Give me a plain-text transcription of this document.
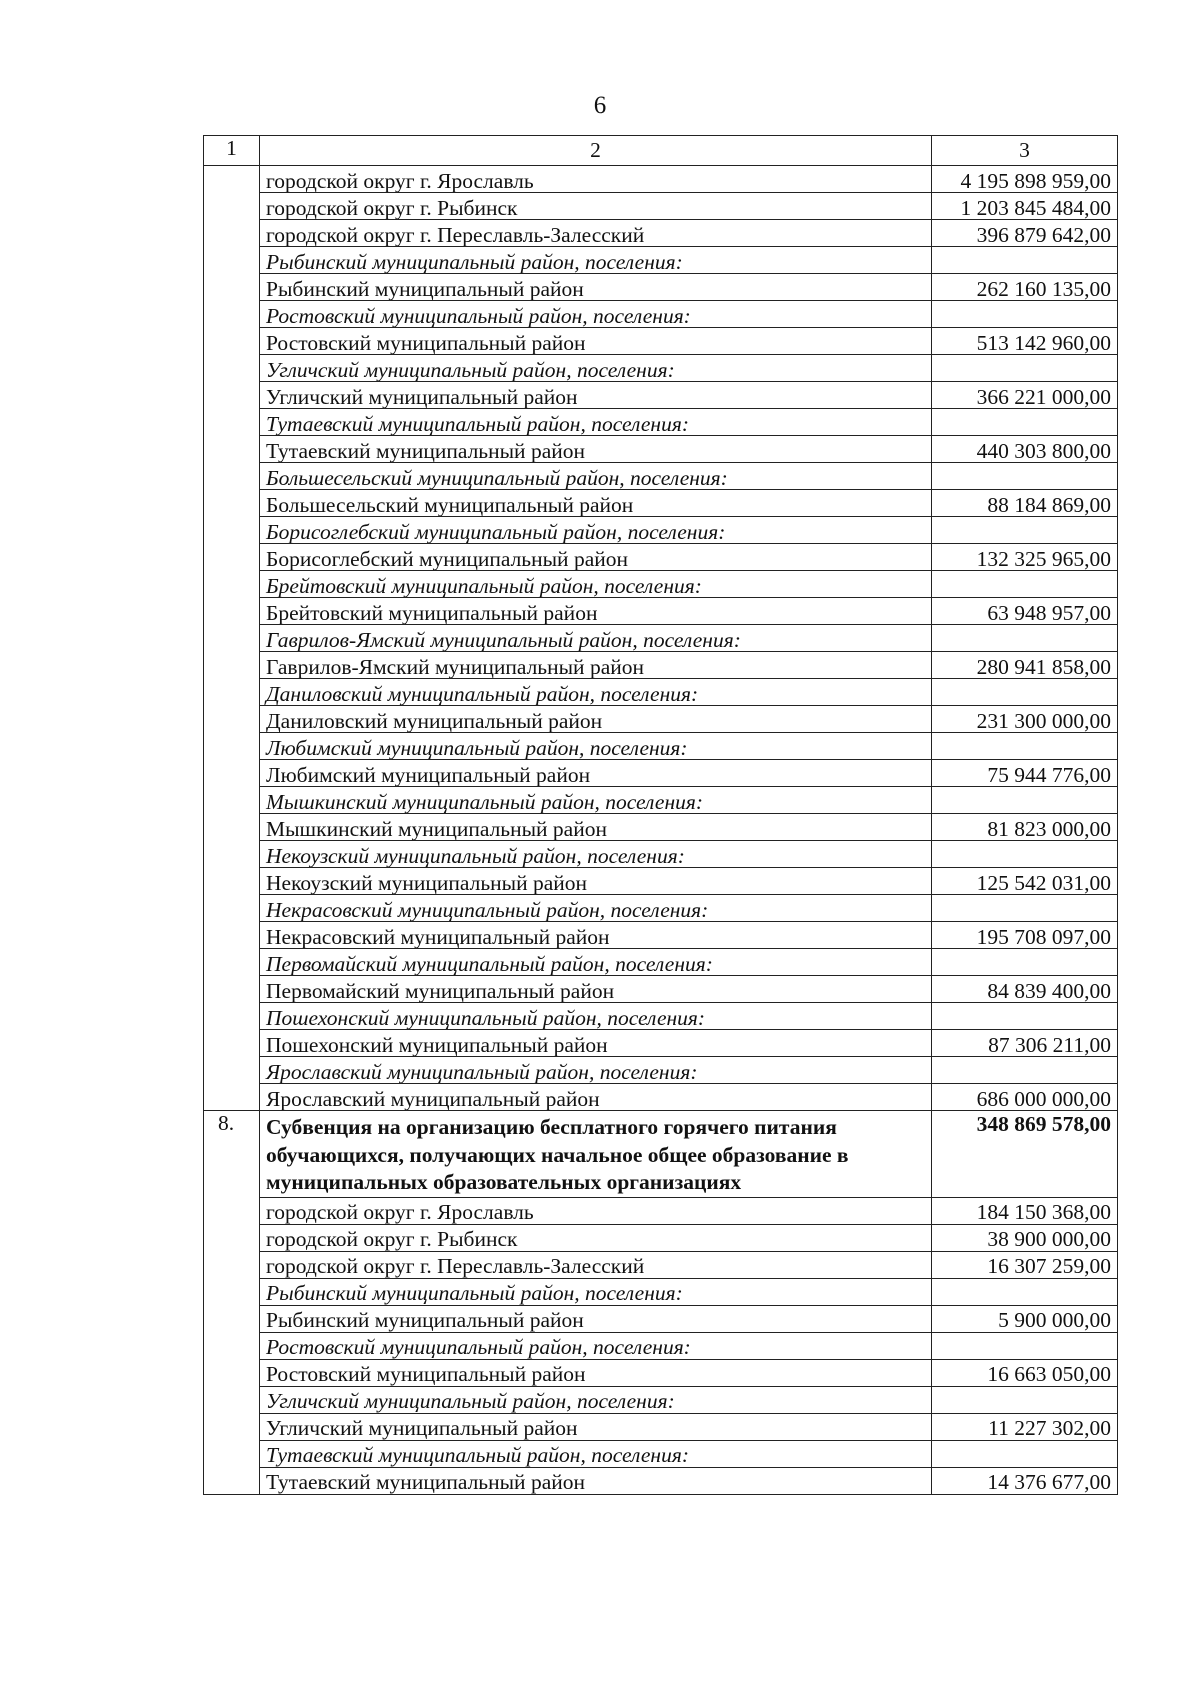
6
1	2	3
	городской округ г. Ярославль	4 195 898 959,00
	городской округ г. Рыбинск	1 203 845 484,00
	городской округ г. Переславль-Залесский	396 879 642,00
	Рыбинский муниципальный район, поселения:	
	Рыбинский муниципальный район	262 160 135,00
	Ростовский муниципальный район, поселения:	
	Ростовский муниципальный район	513 142 960,00
	Угличский муниципальный район, поселения:	
	Угличский муниципальный район	366 221 000,00
	Тутаевский муниципальный район, поселения:	
	Тутаевский муниципальный район	440 303 800,00
	Большесельский муниципальный район, поселения:	
	Большесельский муниципальный район	88 184 869,00
	Борисоглебский муниципальный район, поселения:	
	Борисоглебский муниципальный район	132 325 965,00
	Брейтовский муниципальный район, поселения:	
	Брейтовский муниципальный район	63 948 957,00
	Гаврилов-Ямский муниципальный район, поселения:	
	Гаврилов-Ямский муниципальный район	280 941 858,00
	Даниловский муниципальный район, поселения:	
	Даниловский муниципальный район	231 300 000,00
	Любимский муниципальный район, поселения:	
	Любимский муниципальный район	75 944 776,00
	Мышкинский муниципальный район, поселения:	
	Мышкинский муниципальный район	81 823 000,00
	Некоузский муниципальный район, поселения:	
	Некоузский муниципальный район	125 542 031,00
	Некрасовский муниципальный район, поселения:	
	Некрасовский муниципальный район	195 708 097,00
	Первомайский муниципальный район, поселения:	
	Первомайский муниципальный район	84 839 400,00
	Пошехонский муниципальный район, поселения:	
	Пошехонский муниципальный район	87 306 211,00
	Ярославский муниципальный район, поселения:	
	Ярославский муниципальный район	686 000 000,00
8.	Субвенция на организацию бесплатного горячего питания обучающихся, получающих начальное общее образование в муниципальных образовательных организациях	348 869 578,00
	городской округ г. Ярославль	184 150 368,00
	городской округ г. Рыбинск	38 900 000,00
	городской округ г. Переславль-Залесский	16 307 259,00
	Рыбинский муниципальный район, поселения:	
	Рыбинский муниципальный район	5 900 000,00
	Ростовский муниципальный район, поселения:	
	Ростовский муниципальный район	16 663 050,00
	Угличский муниципальный район, поселения:	
	Угличский муниципальный район	11 227 302,00
	Тутаевский муниципальный район, поселения:	
	Тутаевский муниципальный район	14 376 677,00
